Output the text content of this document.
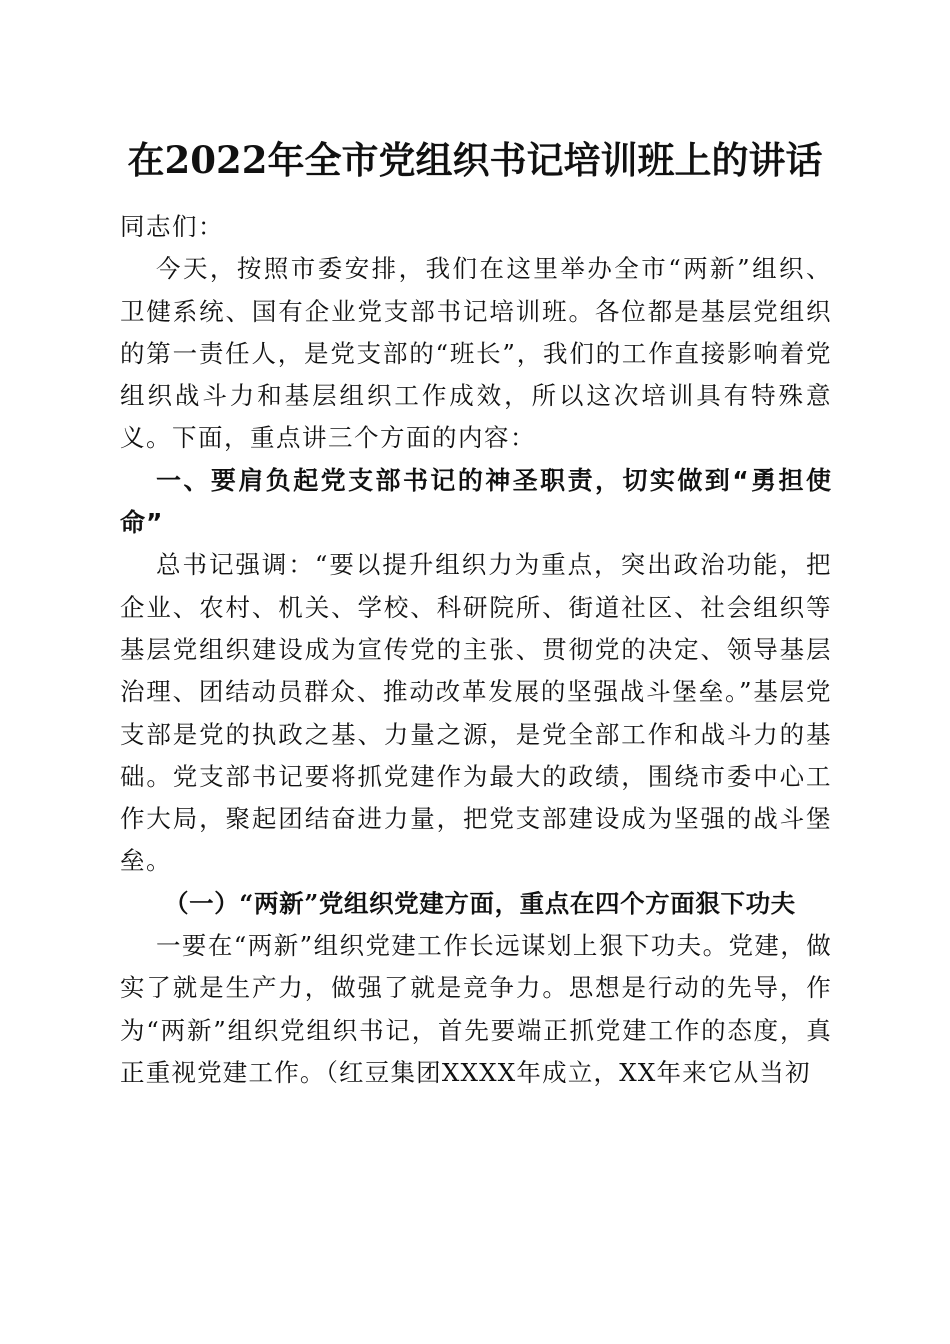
在2022年全市党组织书记培训班上的讲话

同志们：

今天，按照市委安排，我们在这里举办全市“两新”组织、卫健系统、国有企业党支部书记培训班。各位都是基层党组织的第一责任人，是党支部的“班长”，我们的工作直接影响着党组织战斗力和基层组织工作成效，所以这次培训具有特殊意义。下面，重点讲三个方面的内容：

一、要肩负起党支部书记的神圣职责，切实做到“勇担使命”

总书记强调：“要以提升组织力为重点，突出政治功能，把企业、农村、机关、学校、科研院所、街道社区、社会组织等基层党组织建设成为宣传党的主张、贯彻党的决定、领导基层治理、团结动员群众、推动改革发展的坚强战斗堡垒。”基层党支部是党的执政之基、力量之源，是党全部工作和战斗力的基础。党支部书记要将抓党建作为最大的政绩，围绕市委中心工作大局，聚起团结奋进力量，把党支部建设成为坚强的战斗堡垒。

（一）“两新”党组织党建方面，重点在四个方面狠下功夫

一要在“两新”组织党建工作长远谋划上狠下功夫。党建，做实了就是生产力，做强了就是竞争力。思想是行动的先导，作为“两新”组织党组织书记，首先要端正抓党建工作的态度，真正重视党建工作。（红豆集团XXXX年成立，XX年来它从当初
